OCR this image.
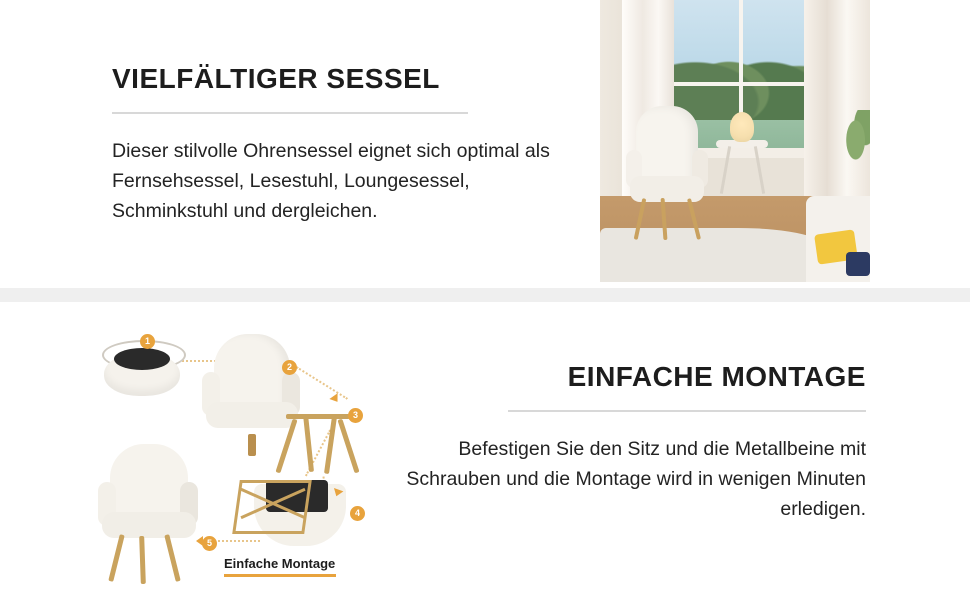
VIELFÄLTIGER SESSEL

Dieser stilvolle Ohrensessel eignet sich optimal als Fernsehsessel, Lesestuhl, Loungesessel, Schminkstuhl und dergleichen.

EINFACHE MONTAGE

Befestigen Sie den Sitz und die Metallbeine mit Schrauben und die Montage wird in wenigen Minuten erledigen.

1
2
3
4
5
Einfache Montage
